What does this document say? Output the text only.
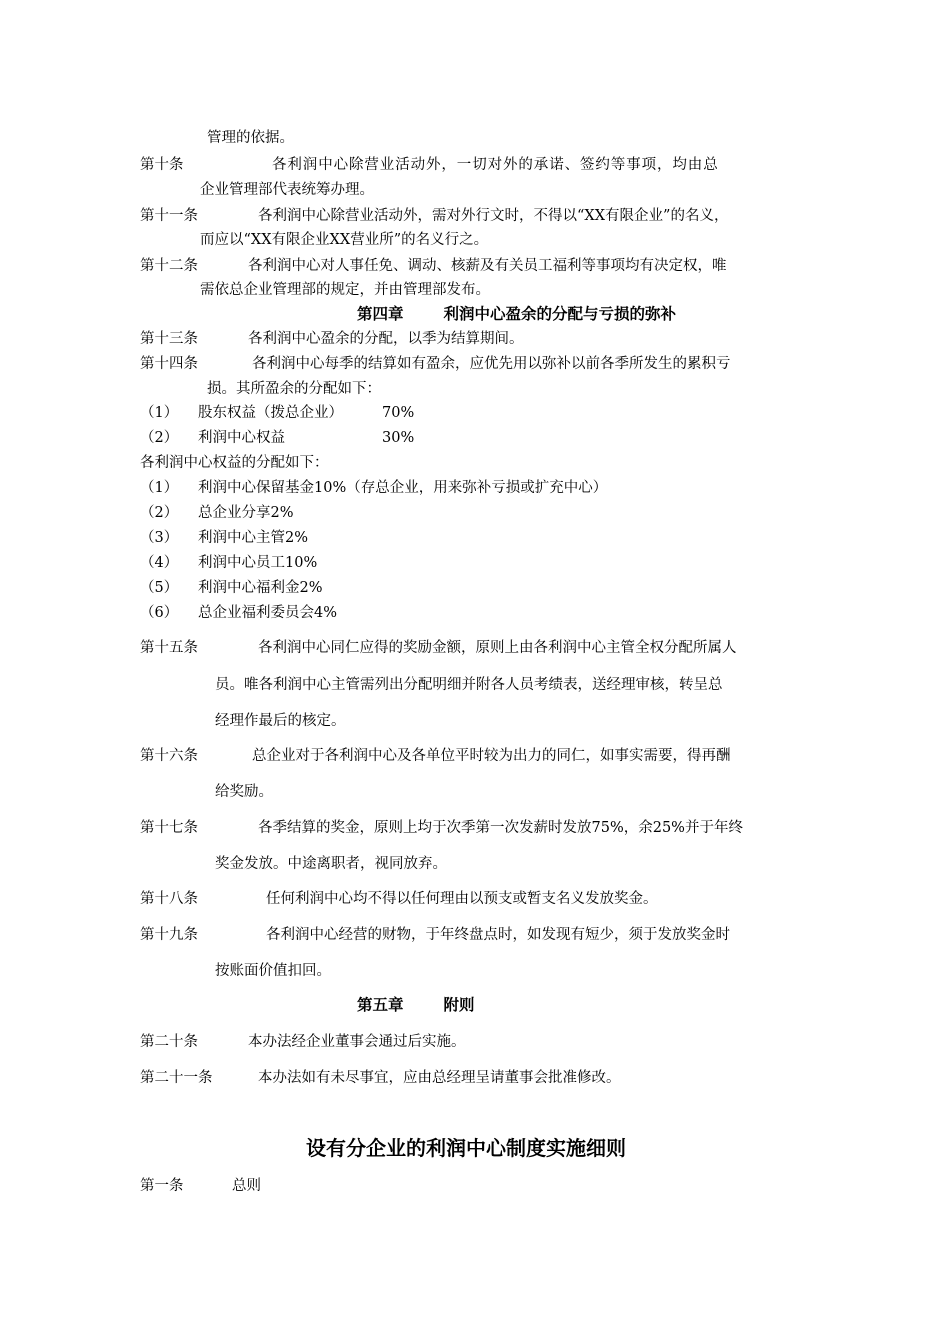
管理的依据。
第十条	各利润中心除营业活动外，一切对外的承诺、签约等事项，均由总
企业管理部代表统筹办理。
第十一条	各利润中心除营业活动外，需对外行文时，不得以“XX有限企业”的名义，
而应以“XX有限企业XX营业所”的名义行之。
第十二条	各利润中心对人事任免、调动、核薪及有关员工福利等事项均有决定权，唯
需依总企业管理部的规定，并由管理部发布。
第四章	利润中心盈余的分配与亏损的弥补
第十三条	各利润中心盈余的分配，以季为结算期间。
第十四条	各利润中心每季的结算如有盈余，应优先用以弥补以前各季所发生的累积亏
损。其所盈余的分配如下：
（1） 股东权益（拨总企业）	70%
（2） 利润中心权益	30%
各利润中心权益的分配如下：
（1） 利润中心保留基金10%（存总企业，用来弥补亏损或扩充中心）
（2） 总企业分享2%
（3） 利润中心主管2%
（4） 利润中心员工10%
（5） 利润中心福利金2%
（6） 总企业福利委员会4%
第十五条	各利润中心同仁应得的奖励金额，原则上由各利润中心主管全权分配所属人
员。唯各利润中心主管需列出分配明细并附各人员考绩表，送经理审核，转呈总
经理作最后的核定。
第十六条	总企业对于各利润中心及各单位平时较为出力的同仁，如事实需要，得再酬
给奖励。
第十七条	各季结算的奖金，原则上均于次季第一次发薪时发放75%，余25%并于年终
奖金发放。中途离职者，视同放弃。
第十八条	任何利润中心均不得以任何理由以预支或暂支名义发放奖金。
第十九条	各利润中心经营的财物，于年终盘点时，如发现有短少，须于发放奖金时
按账面价值扣回。
第五章	附则
第二十条	本办法经企业董事会通过后实施。
第二十一条	本办法如有未尽事宜，应由总经理呈请董事会批准修改。
设有分企业的利润中心制度实施细则
第一条	总则
